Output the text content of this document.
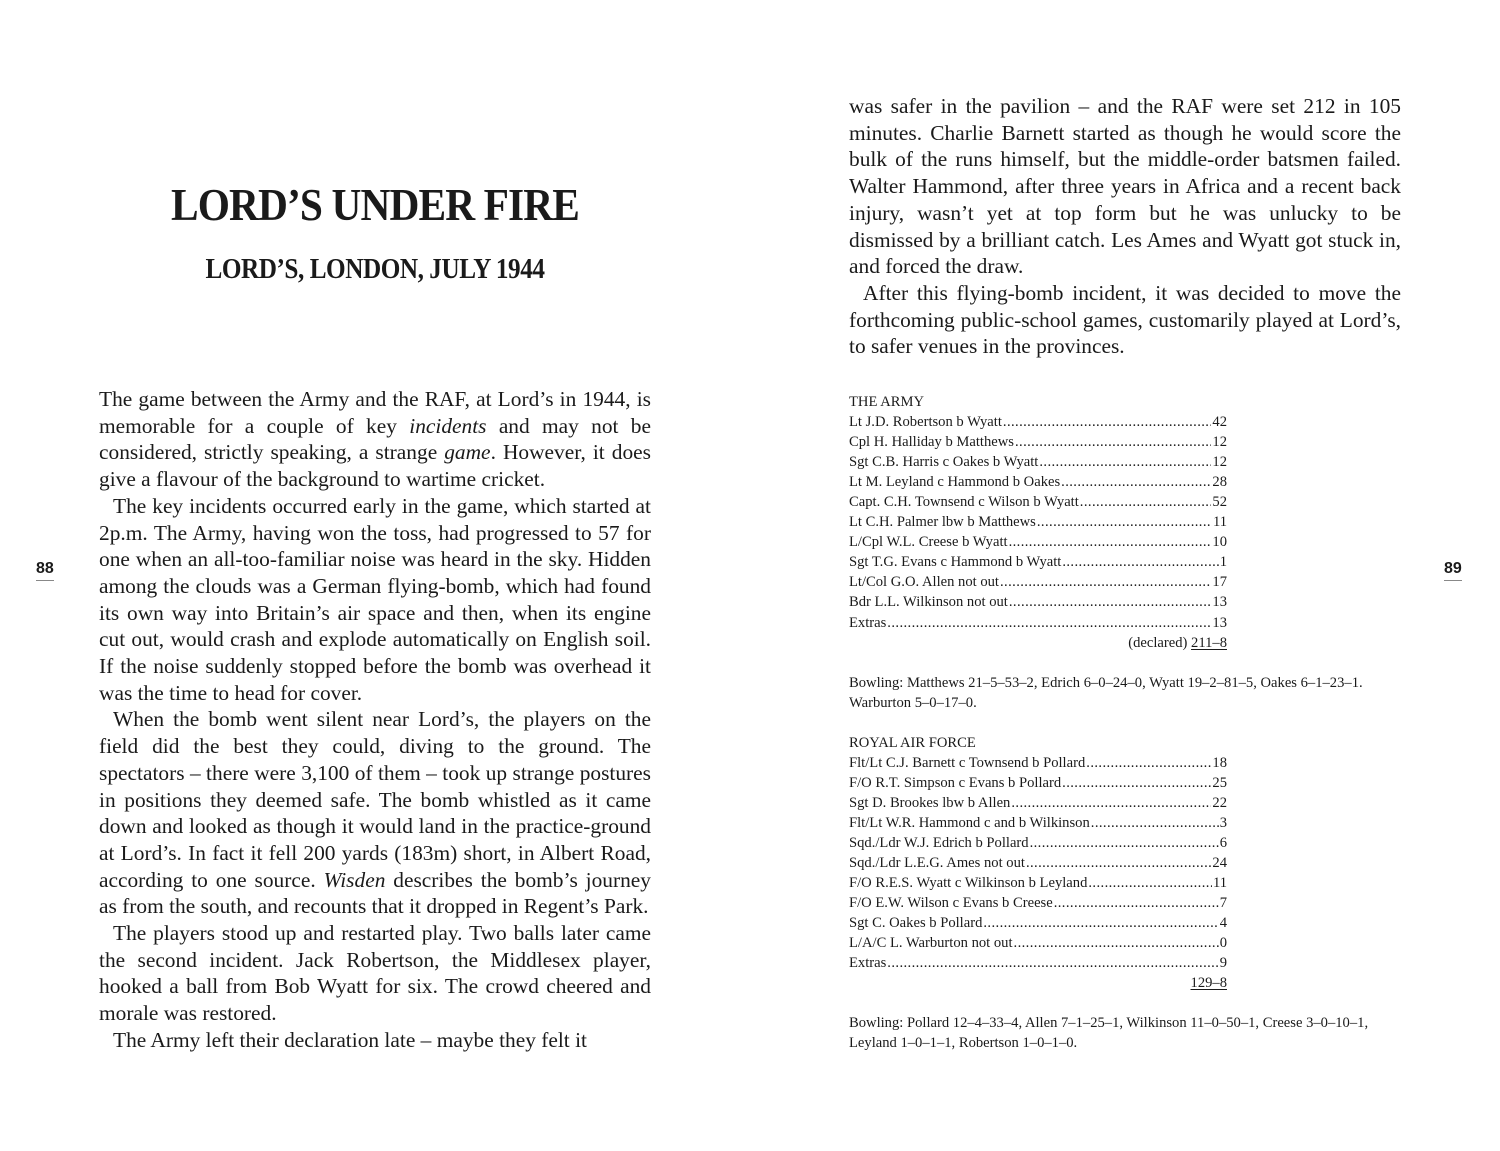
LORD’S UNDER FIRE
LORD’S, LONDON, JULY 1944

The game between the Army and the RAF, at Lord’s in 1944, is memorable for a couple of key incidents and may not be considered, strictly speaking, a strange game. However, it does give a flavour of the background to wartime cricket.

The key incidents occurred early in the game, which started at 2p.m. The Army, having won the toss, had progressed to 57 for one when an all-too-familiar noise was heard in the sky. Hidden among the clouds was a German flying-bomb, which had found its own way into Britain’s air space and then, when its engine cut out, would crash and explode automatically on English soil. If the noise suddenly stopped before the bomb was overhead it was the time to head for cover.

When the bomb went silent near Lord’s, the players on the field did the best they could, diving to the ground. The spectators – there were 3,100 of them – took up strange postures in positions they deemed safe. The bomb whistled as it came down and looked as though it would land in the practice-ground at Lord’s. In fact it fell 200 yards (183m) short, in Albert Road, according to one source. Wisden describes the bomb’s journey as from the south, and recounts that it dropped in Regent’s Park.

The players stood up and restarted play. Two balls later came the second incident. Jack Robertson, the Middlesex player, hooked a ball from Bob Wyatt for six. The crowd cheered and morale was restored.

The Army left their declaration late – maybe they felt it

88

was safer in the pavilion – and the RAF were set 212 in 105 minutes. Charlie Barnett started as though he would score the bulk of the runs himself, but the middle-order batsmen failed. Walter Hammond, after three years in Africa and a recent back injury, wasn’t yet at top form but he was unlucky to be dismissed by a brilliant catch. Les Ames and Wyatt got stuck in, and forced the draw.

After this flying-bomb incident, it was decided to move the forthcoming public-school games, customarily played at Lord’s, to safer venues in the provinces.

THE ARMY
Lt J.D. Robertson b Wyatt .....	42
Cpl H. Halliday b Matthews .....	12
Sgt C.B. Harris c Oakes b Wyatt .....	12
Lt M. Leyland c Hammond b Oakes .....	28
Capt. C.H. Townsend c Wilson b Wyatt .....	52
Lt C.H. Palmer lbw b Matthews .....	11
L/Cpl W.L. Creese b Wyatt .....	10
Sgt T.G. Evans c Hammond b Wyatt .....	1
Lt/Col G.O. Allen not out .....	17
Bdr L.L. Wilkinson not out .....	13
Extras .....	13
(declared) 211–8
Bowling: Matthews 21–5–53–2, Edrich 6–0–24–0, Wyatt 19–2–81–5, Oakes 6–1–23–1. Warburton 5–0–17–0.
ROYAL AIR FORCE
Flt/Lt C.J. Barnett c Townsend b Pollard .....	18
F/O R.T. Simpson c Evans b Pollard .....	25
Sgt D. Brookes lbw b Allen .....	22
Flt/Lt W.R. Hammond c and b Wilkinson .....	3
Sqd./Ldr W.J. Edrich b Pollard .....	6
Sqd./Ldr L.E.G. Ames not out .....	24
F/O R.E.S. Wyatt c Wilkinson b Leyland .....	11
F/O E.W. Wilson c Evans b Creese .....	7
Sgt C. Oakes b Pollard .....	4
L/A/C L. Warburton not out .....	0
Extras .....	9
129–8
Bowling: Pollard 12–4–33–4, Allen 7–1–25–1, Wilkinson 11–0–50–1, Creese 3–0–10–1, Leyland 1–0–1–1, Robertson 1–0–1–0.
89
